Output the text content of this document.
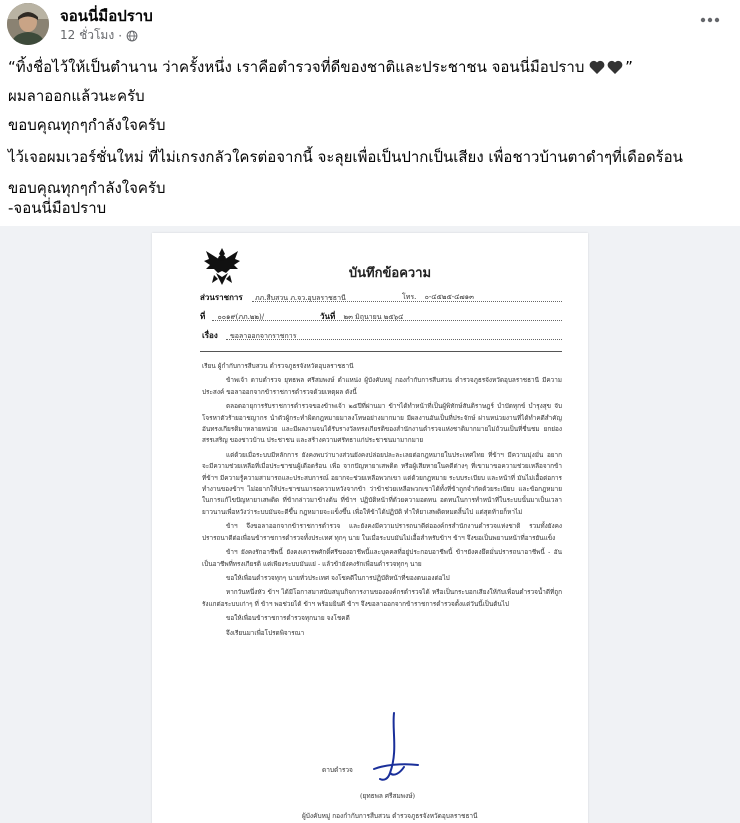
จอนนี่มือปราบ
12 ชั่วโมง ·
“ทิ้งชื่อไว้ให้เป็นตำนาน ว่าครั้งหนึ่ง เราคือตำรวจที่ดีของชาติและประชาชน จอนนี่มือปราบ	”
ผมลาออกแล้วนะครับ
ขอบคุณทุกๆกำลังใจครับ
ไว้เจอผมเวอร์ชั่นใหม่ ที่ไม่เกรงกลัวใครต่อจากนี้ จะลุยเพื่อเป็นปากเป็นเสียง เพื่อชาวบ้านตาดำๆที่เดือดร้อน
ขอบคุณทุกๆกำลังใจครับ
-จอนนี่มือปราบ
บันทึกข้อความ
ส่วนราชการ ภภ.สืบสวน ภ.จว.อุบลราชธานี	โทร. ๐-๔๕๒๕-๔๗๑๓
ที่ ๐๐๑๙(ภภ.๒๒)/	วันที่ ๒๓ มิถุนายน ๒๕๖๔
เรื่อง ขอลาออกจากราชการ

เรียน ผู้กำกับการสืบสวน ตำรวจภูธรจังหวัดอุบลราชธานี

ข้าพเจ้า ดาบตำรวจ ยุทธพล ศรีสมพงษ์ ตำแหน่ง ผู้บังคับหมู่ กองกำกับการสืบสวน ตำรวจภูธรจังหวัดอุบลราชธานี มีความประสงค์ ขอลาออกจากข้าราชการตำรวจด้วยเหตุผล ดังนี้

ตลอดอายุการรับราชการตำรวจของข้าพเจ้า ๒๕ปีที่ผ่านมา ข้าฯได้ทำหน้าที่เป็นผู้พิทักษ์สันติราษฎร์ บำบัดทุกข์ บำรุงสุข จับโจรหาตัวร้ายอาชญากร นำตัวผู้กระทำผิดกฎหมายมาลงโทษอย่างมากมาย มีผลงานอันเป็นที่ประจักษ์ ผ่านหน่วยงานที่ได้ทำคดีสำคัญอันทรงเกียรติมาหลายหน่วย และมีผลงานจนได้รับรางวัลทรงเกียรติของสำนักงานตำรวจแห่งชาติมากมายไม่ถ้วนเป็นที่ชื่นชม ยกย่อง สรรเสริญ ของชาวบ้าน ประชาชน และสร้างความศรัทธาแก่ประชาชนมามากมาย

แต่ด้วยเมื่อระบบมีหลักการ ยังคงพบว่าบางส่วนยังคงปล่อยปละละเลยต่อกฎหมายในประเทศไทย ที่ข้าฯ มีความมุ่งมั่น อยากจะมีความช่วยเหลือที่เมื่อประชาชนผู้เดือดร้อน เพื่อ จากปัญหายาเสพติด หรือผู้เสียหายในคดีต่างๆ ที่เขามาขอความช่วยเหลือจากข้า ที่ข้าฯ มีความรู้ความสามารถและประสบการณ์ อยากจะช่วยเหลือพวกเขา แต่ด้วยกฎหมาย ระบบระเบียบ และหน้าที่ มันไม่เอื้อต่อการทำงานของข้าฯ ไม่อยากให้ประชาชนมารอความหวังจากข้า ว่าข้าช่วยเหลือพวกเขาได้ทั้งที่ข้าถูกจำกัดด้วยระเบียบ และข้อกฎหมายในการแก้ไขปัญหายาเสพติด ที่ข้ากล่าวมาข้างต้น ที่ข้าฯ ปฏิบัติหน้าที่ด้วยความอดทน อดทนในการทำหน้าที่ในระบบนั้นมาเป็นเวลายาวนานเพื่อหวังว่าระบบมันจะดีขึ้น กฎหมายจะแข็งขึ้น เพื่อให้ข้าได้ปฏิบัติ ทำให้ยาเสพติดหมดสิ้นไป แต่สุดท้ายก็หาไม่

ข้าฯ จึงขอลาออกจากข้าราชการตำรวจ และยังคงมีความปรารถนาดีต่อองค์กรสำนักงานตำรวจแห่งชาติ รวมทั้งยังคงปรารถนาดีต่อเพื่อนข้าราชการตำรวจทั้งประเทศ ทุกๆ นาย ในเมื่อระบบมันไม่เอื้อสำหรับข้าฯ ข้าฯ จึงขอเป็นพยานหน้าที่อารยันแข็ง

ข้าฯ ยังคงรักอาชีพนี้ ยังคงเคารพศักดิ์ศรีของอาชีพนี้และบุคคลที่อยู่ประกอบอาชีพนี้ ข้าฯยังคงยึดมั่นปรารถนาอาชีพนี้ - อันเป็นอาชีพที่ทรงเกียรติ แต่เพียงระบบมันแย่ - แล้วข้ายังคงรักเพื่อนตำรวจทุกๆ นาย

ขอให้เพื่อนตำรวจทุกๆ นายทั่วประเทศ จงโชคดีในการปฏิบัติหน้าที่ของตนเองต่อไป

หากวันหนึ่งหัว ข้าฯ ได้มีโอกาสมาสนับสนุนกิจการงานขององค์กรตำรวจได้ หรือเป็นกระบอกเสียงให้กับเพื่อนตำรวจน้ำดีที่ถูกรังแกต่อระบบเก่าๆ ที่ ข้าฯ พอช่วยได้ ข้าฯ พร้อมยินดี ข้าฯ จึงขอลาออกจากข้าราชการตำรวจตั้งแต่วันนี้เป็นต้นไป

ขอให้เพื่อนข้าราชการตำรวจทุกนาย จงโชคดี

จึงเรียนมาเพื่อโปรดพิจารณา

ดาบตำรวจ
(ยุทธพล ศรีสมพงษ์)
ผู้บังคับหมู่ กองกำกับการสืบสวน ตำรวจภูธรจังหวัดอุบลราชธานี
